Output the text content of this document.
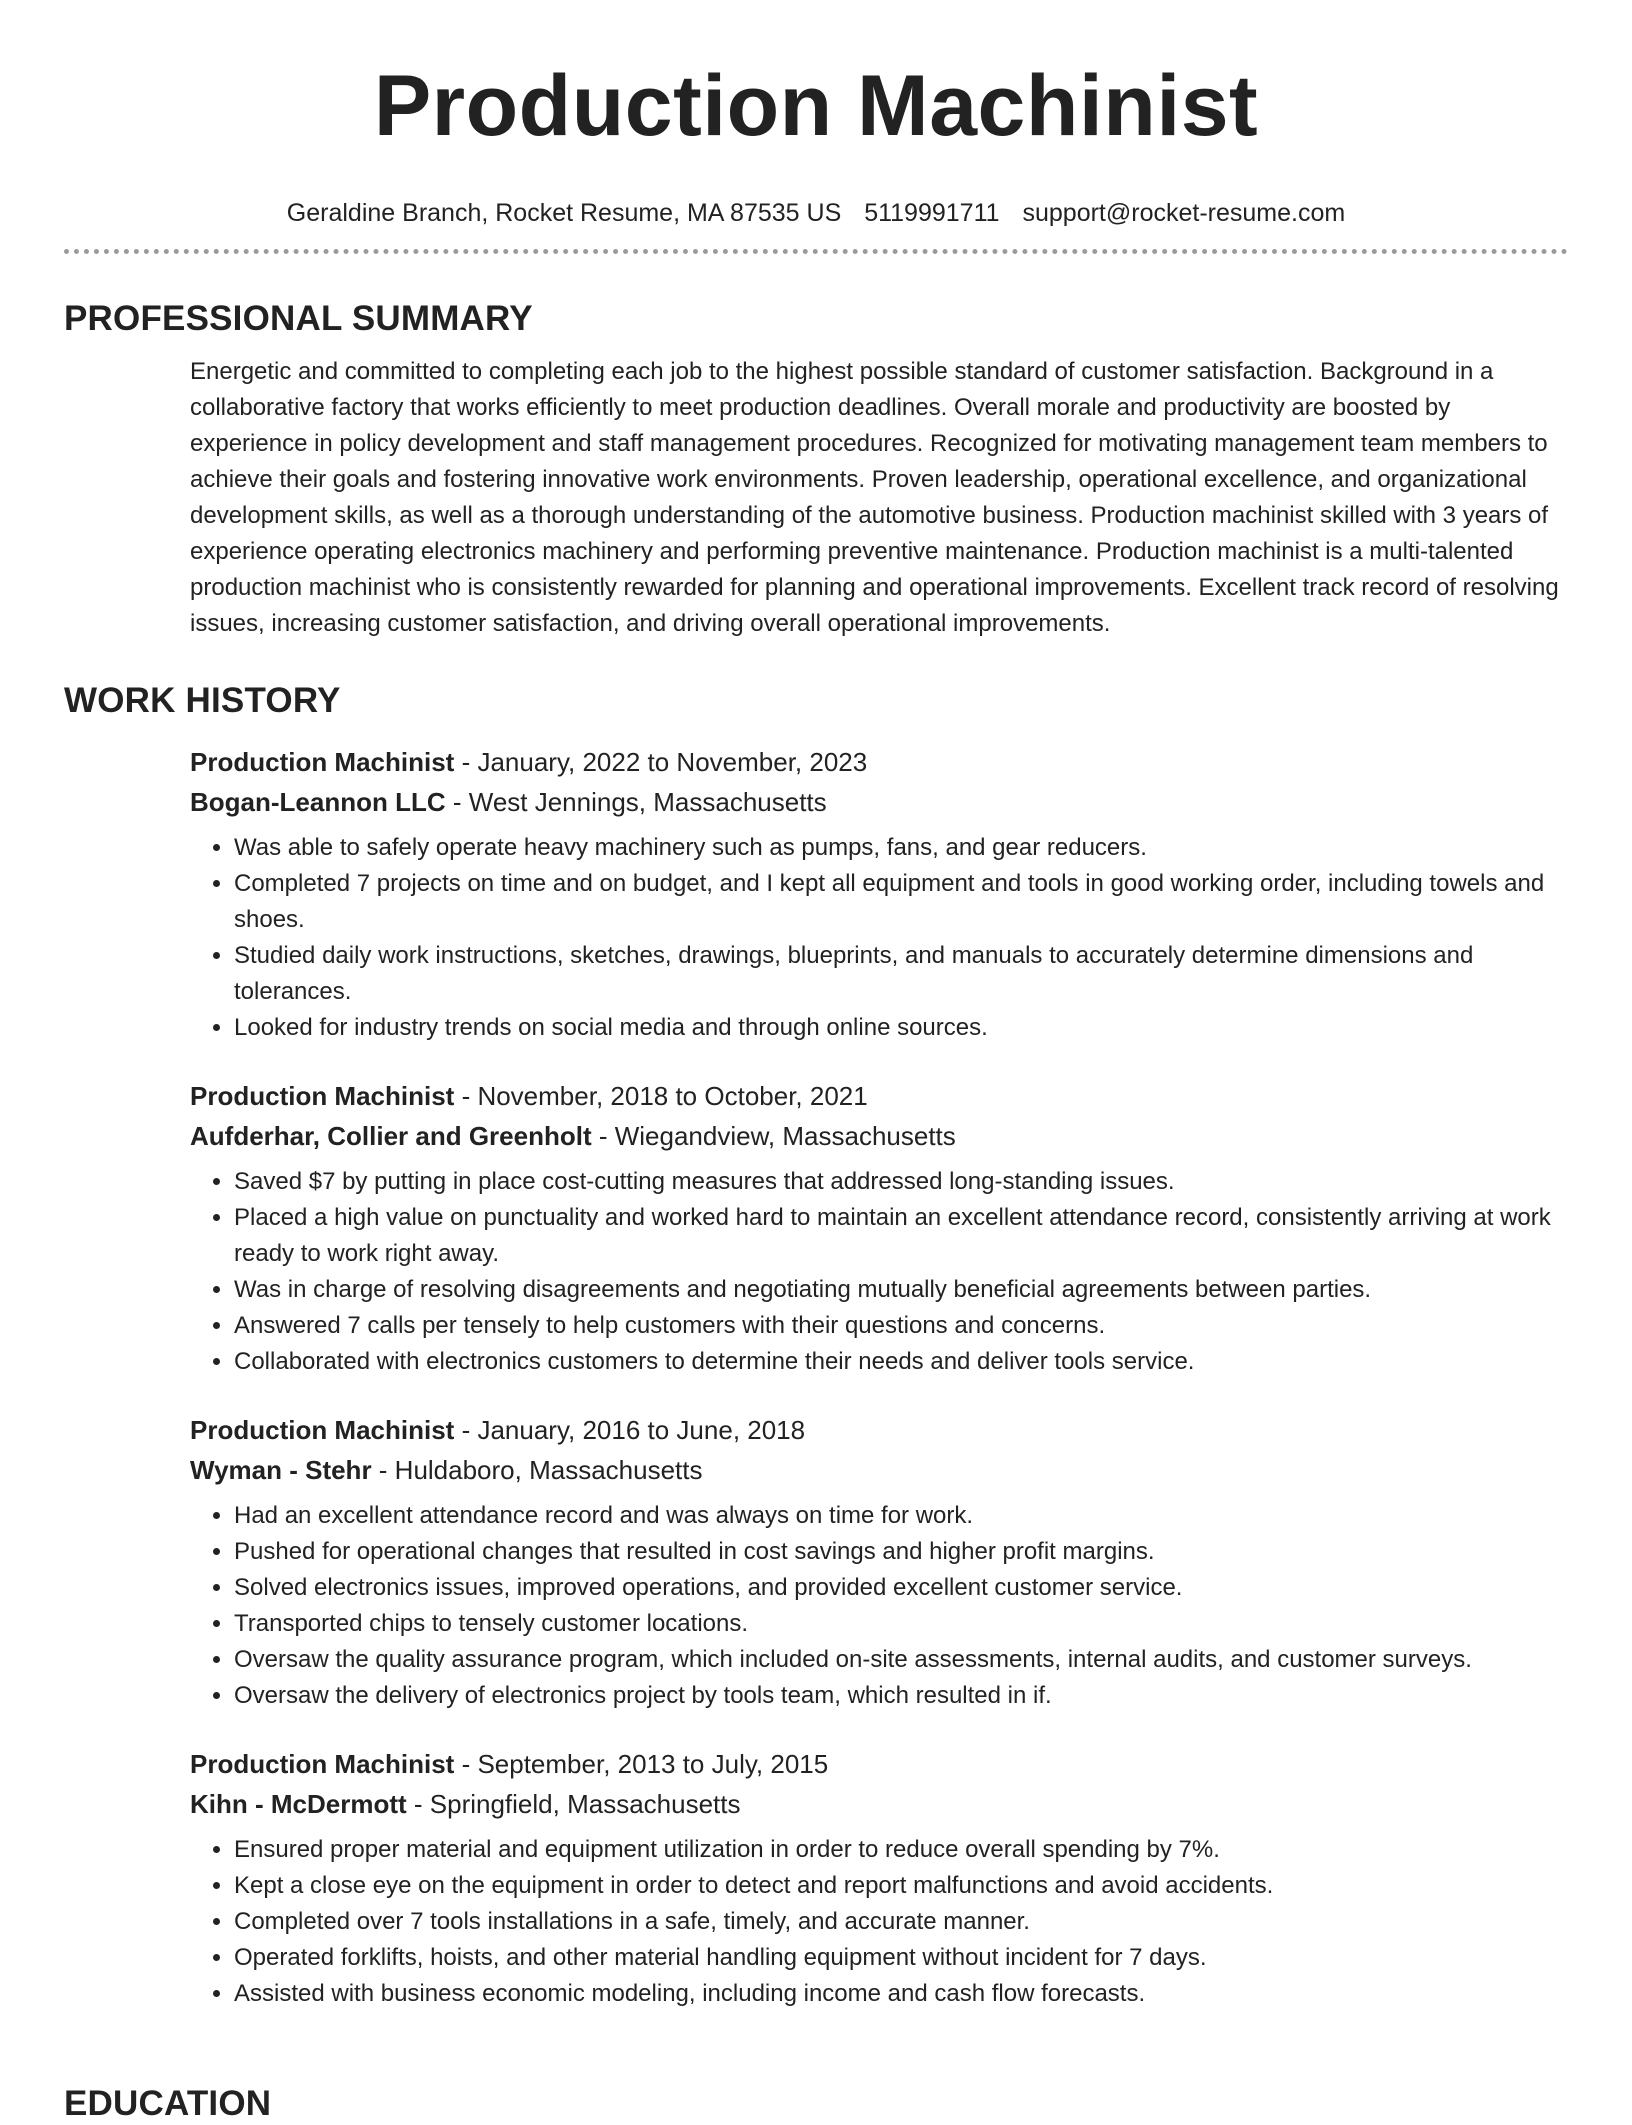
Production Machinist
Geraldine Branch, Rocket Resume, MA 87535 US 5119991711 support@rocket-resume.com
PROFESSIONAL SUMMARY

Energetic and committed to completing each job to the highest possible standard of customer satisfaction. Background in a collaborative factory that works efficiently to meet production deadlines. Overall morale and productivity are boosted by experience in policy development and staff management procedures. Recognized for motivating management team members to achieve their goals and fostering innovative work environments. Proven leadership, operational excellence, and organizational development skills, as well as a thorough understanding of the automotive business. Production machinist skilled with 3 years of experience operating electronics machinery and performing preventive maintenance. Production machinist is a multi-talented production machinist who is consistently rewarded for planning and operational improvements. Excellent track record of resolving issues, increasing customer satisfaction, and driving overall operational improvements.

WORK HISTORY
Production Machinist - January, 2022 to November, 2023
Bogan-Leannon LLC - West Jennings, Massachusetts
• Was able to safely operate heavy machinery such as pumps, fans, and gear reducers.
• Completed 7 projects on time and on budget, and I kept all equipment and tools in good working order, including towels and shoes.
• Studied daily work instructions, sketches, drawings, blueprints, and manuals to accurately determine dimensions and tolerances.
• Looked for industry trends on social media and through online sources.
Production Machinist - November, 2018 to October, 2021
Aufderhar, Collier and Greenholt - Wiegandview, Massachusetts
• Saved $7 by putting in place cost-cutting measures that addressed long-standing issues.
• Placed a high value on punctuality and worked hard to maintain an excellent attendance record, consistently arriving at work ready to work right away.
• Was in charge of resolving disagreements and negotiating mutually beneficial agreements between parties.
• Answered 7 calls per tensely to help customers with their questions and concerns.
• Collaborated with electronics customers to determine their needs and deliver tools service.
Production Machinist - January, 2016 to June, 2018
Wyman - Stehr - Huldaboro, Massachusetts
• Had an excellent attendance record and was always on time for work.
• Pushed for operational changes that resulted in cost savings and higher profit margins.
• Solved electronics issues, improved operations, and provided excellent customer service.
• Transported chips to tensely customer locations.
• Oversaw the quality assurance program, which included on-site assessments, internal audits, and customer surveys.
• Oversaw the delivery of electronics project by tools team, which resulted in if.
Production Machinist - September, 2013 to July, 2015
Kihn - McDermott - Springfield, Massachusetts
• Ensured proper material and equipment utilization in order to reduce overall spending by 7%.
• Kept a close eye on the equipment in order to detect and report malfunctions and avoid accidents.
• Completed over 7 tools installations in a safe, timely, and accurate manner.
• Operated forklifts, hoists, and other material handling equipment without incident for 7 days.
• Assisted with business economic modeling, including income and cash flow forecasts.
EDUCATION
